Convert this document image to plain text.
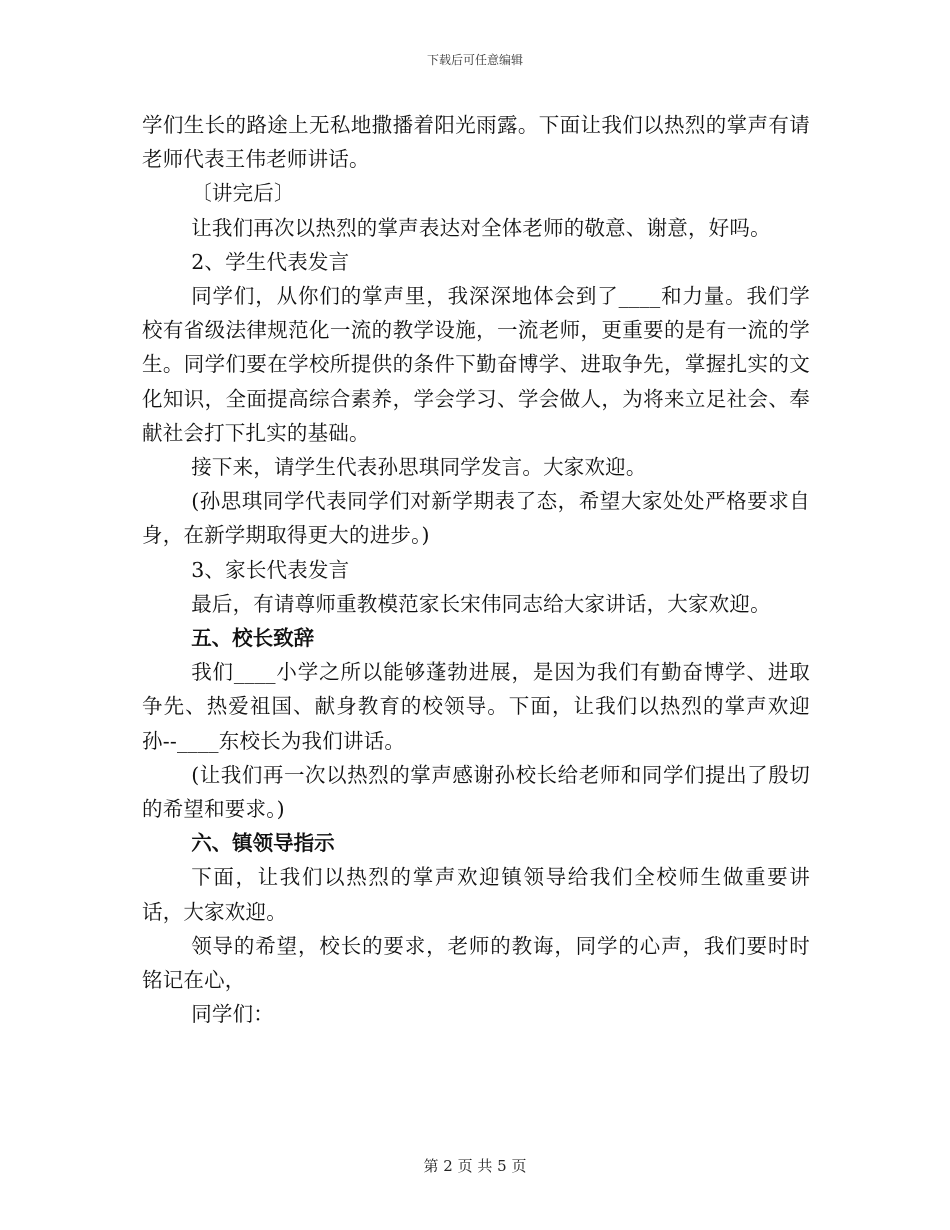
下载后可任意编辑

学们生长的路途上无私地撒播着阳光雨露。下面让我们以热烈的掌声有请老师代表王伟老师讲话。

〔讲完后〕

让我们再次以热烈的掌声表达对全体老师的敬意、谢意，好吗。

2、学生代表发言

同学们，从你们的掌声里，我深深地体会到了____和力量。我们学校有省级法律规范化一流的教学设施，一流老师，更重要的是有一流的学生。同学们要在学校所提供的条件下勤奋博学、进取争先，掌握扎实的文化知识，全面提高综合素养，学会学习、学会做人，为将来立足社会、奉献社会打下扎实的基础。

接下来，请学生代表孙思琪同学发言。大家欢迎。

(孙思琪同学代表同学们对新学期表了态，希望大家处处严格要求自身，在新学期取得更大的进步。)

3、家长代表发言

最后，有请尊师重教模范家长宋伟同志给大家讲话，大家欢迎。

五、校长致辞

我们____小学之所以能够蓬勃进展，是因为我们有勤奋博学、进取争先、热爱祖国、献身教育的校领导。下面，让我们以热烈的掌声欢迎孙--____东校长为我们讲话。

(让我们再一次以热烈的掌声感谢孙校长给老师和同学们提出了殷切的希望和要求。)

六、镇领导指示

下面，让我们以热烈的掌声欢迎镇领导给我们全校师生做重要讲话，大家欢迎。

领导的希望，校长的要求，老师的教诲，同学的心声，我们要时时铭记在心，

同学们：

第 2 页 共 5 页
